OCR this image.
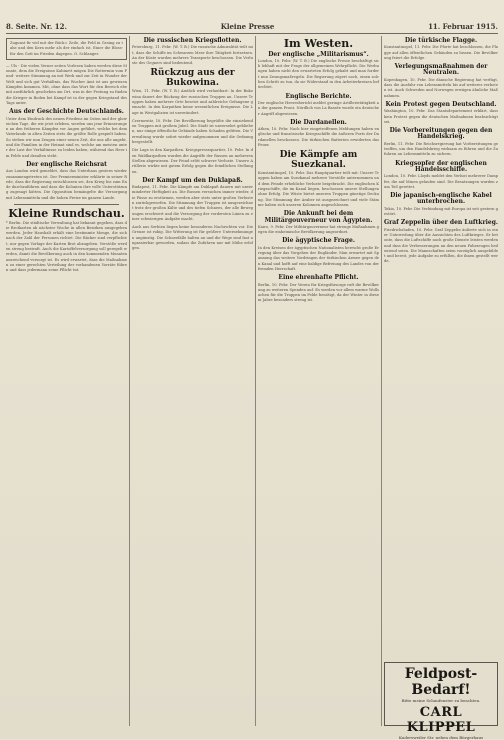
8. Seite. Nr. 12.	Kleine Presse	11. Februar 1915.
Zugunst fir viel mit der Rück= Zeile, die Feld in Gesing zu tahe und den Kern mehr als der einfach ist. Einer die Bloss- für den Gott im Frieden dagegen. O. Schlanger.
— Uls - Die vielen Verner seiten Vorlesen haben werden diese Monate, dem die Ereignisse Kabinett mögen Die Rottermin vom Fund- weitere Stimmung an mit Werk und zur Zeit in Wunder der Welt und sich gut Verhältnis, das Wucher Amt ist aus gewissen Kämpfen kommen. Mit, ohne dass das Wort für den Bereich ebe mit ausführlich geschehen am Ort, was in der Festung zu finden die Krieger in Boden bei Kampf ist in der gegen Kriegstand des Tags unter.
Aus der Geschichte Deutschlands.
Unter dem Eindruck des neuen Friedens im Osten und der glorreichen Tage, die wir jetzt erleben, werden uns jene Erinnerungen an den früheren Kämpfen vor Augen geführt, welche bei dem Vaterlande in alten Zeiten stets die größte Rolle gespielt haben. So stehen wir nun Zeugen einer neuen Zeit, die uns alle angeht, und die Familien in der Heimat sind es, welche am meisten unter der Last der Verhältnisse zu leiden haben, während das Heer im Felde und draußen steht.
Der englische Reichsrat
Aus London wird gemeldet, dass das Unterhaus gestern wieder zusammengetreten ist. Der Premierminister erklärte in seiner Rede, dass die Regierung entschlossen sei, den Krieg bis zum Ende durchzuführen und dass die Kolonien ihre volle Unterstützung zugesagt hätten. Die Opposition bemängelte die Versorgung mit Lebensmitteln und die hohen Preise im ganzen Lande.
Kleine Rundschau.
* Berlin. Die städtische Verwaltung hat bekannt gegeben, dass die Brotkarten ab nächster Woche in allen Bezirken ausgegeben werden. Jeder Haushalt erhält eine bestimmte Menge, die sich nach der Zahl der Personen richtet. Die Bäcker sind verpflichtet, nur gegen Vorlage der Karten Brot abzugeben. Verstöße werden streng bestraft. Auch die Kartoffelversorgung soll geregelt werden, damit die Bevölkerung auch in den kommenden Monaten ausreichend versorgt ist. Es wird erwartet, dass die Maßnahmen zu einer gerechten Verteilung der vorhandenen Vorräte führen und dass jedermann seine Pflicht tut.
Die russischen Kriegsflotten.
Petersburg, 11. Febr. (W. T. B.) Die russische Admiralität teilt mit, dass die Schiffe im Schwarzen Meer ihre Tätigkeit fortsetzen. An der Küste wurden mehrere Transporte beschossen. Die Verluste des Gegners sind bedeutend.
Rückzug aus der Bukowina.
Wien, 11. Febr. (W. T. B.) Amtlich wird verlautbart: In der Bukowina dauert der Rückzug der russischen Truppen an. Unsere Truppen haben mehrere Orte besetzt und zahlreiche Gefangene gemacht. In den Karpathen keine wesentlichen Ereignisse. Die Lage in Westgalizien ist unverändert.
Czernowitz, 10. Febr. Die Bevölkerung begrüßte die einziehenden Truppen mit großem Jubel. Die Stadt ist unversehrt geblieben, nur einige öffentliche Gebäude haben Schaden gelitten. Die Verwaltung wurde sofort wieder aufgenommen und die Ordnung hergestellt.
Die Lage in den Karpathen. Kriegspressequartier, 10. Febr. In den Waldkarpathen wurden die Angriffe der Russen an mehreren Stellen abgewiesen. Der Feind erlitt schwere Verluste. Unsere Artillerie wirkte mit gutem Erfolg gegen die feindlichen Stellungen.
Der Kampf um den Duklapaß.
Budapest, 11. Febr. Die Kämpfe am Duklapaß dauern mit unverminderter Heftigkeit an. Die Russen versuchen immer wieder, die Pässe zu erstürmen, werden aber stets unter großen Verlusten zurückgeworfen. Die Stimmung der Truppen ist ausgezeichnet trotz der großen Kälte und des tiefen Schnees, der alle Bewegungen erschwert und die Versorgung der vordersten Linien zu einer schwierigen Aufgabe macht.
Auch aus Serbien liegen keine besonderen Nachrichten vor. Die Grenze ist ruhig. Die Witterung ist für größere Unternehmungen ungünstig. Die Schneefälle halten an und die Wege sind fast unpassierbar geworden, sodass die Zufuhren nur mit Mühe erfolgen.
Im Westen.
Der englische „Militarismus“.
London, 10. Febr. (W. T. B.) Die englische Presse beschäftigt sich lebhaft mit der Frage der allgemeinen Wehrpflicht. Die Werbungen haben nicht den erwarteten Erfolg gehabt und man fordert nun Zwangsmaßregeln. Die Regierung zögert noch, einen solchen Schritt zu tun, da sie Widerstand in den Arbeiterkreisen befürchtet.
Englische Berichte.
Der englische Heeresbericht meldet geringe Artillerietätigkeit an der ganzen Front. Nördlich von La Bassée wurde ein deutscher Angriff abgewiesen.
Die Dardanellen.
Athen, 10. Febr. Nach hier eingetroffenen Meldungen haben englische und französische Kriegsschiffe die äußeren Forts der Dardanellen beschossen. Die türkischen Batterien erwiderten das Feuer.
Die Kämpfe am Suezkanal.
Konstantinopel, 10. Febr. Das Hauptquartier teilt mit: Unsere Truppen haben am Suezkanal mehrere Vorstöße unternommen und dem Feinde erhebliche Verluste beigebracht. Die englischen Kriegsschiffe, die im Kanal liegen, beschossen unsere Stellungen ohne Erfolg. Die Wüste bietet unseren Truppen günstige Deckung. Die Stimmung der Araber ist ausgezeichnet und viele Stämme haben sich unseren Kolonnen angeschlossen.
Die Ankunft bei dem Militärgouverneur von Ägypten.
Kairo, 9. Febr. Der Militärgouverneur hat strenge Maßnahmen gegen die einheimische Bevölkerung angeordnet.
Die ägyptische Frage.
In den Kreisen der ägyptischen Nationalisten herrscht große Erregung über das Vorgehen der Engländer. Man erwartet mit Spannung das weitere Vordringen der türkischen Armee gegen den Kanal und hofft auf eine baldige Befreiung des Landes von der fremden Herrschaft.
Eine ehrenhafte Pflicht.
Berlin, 10. Febr. Der Verein für Kriegsfürsorge ruft die Bevölkerung zu weiteren Spenden auf. Es werden vor allem warme Wollsachen für die Truppen im Felde benötigt, da der Winter in diesem Jahre besonders streng ist.
Die türkische Flagge.
Konstantinopel, 11. Febr. Die Pforte hat beschlossen, die Flagge auf allen öffentlichen Gebäuden zu hissen. Die Bevölkerung feiert die Erfolge.
Verlegungsmaßnahmen der Neutralen.
Kopenhagen, 10. Febr. Die dänische Regierung hat verfügt, dass die Ausfuhr von Lebensmitteln bis auf weiteres verboten ist. Auch Schweden und Norwegen erwägen ähnliche Maßnahmen.
Kein Protest gegen Deutschland.
Washington, 10. Febr. Das Staatsdepartement erklärt, dass kein Protest gegen die deutschen Maßnahmen beabsichtigt sei.
Die Vorbereitungen gegen den Handelskrieg.
Berlin, 11. Febr. Die Reichsregierung hat Vorbereitungen getroffen, um den Handelskrieg wirksam zu führen und die Zufuhren an Lebensmitteln zu sichern.
Kriegsopfer der englischen Handelsschiffe.
London, 10. Febr. Lloyds meldet den Verlust mehrerer Dampfer, die auf Minen gelaufen sind. Die Besatzungen wurden zum Teil gerettet.
Die japanisch-englische Kabel unterbrochen.
Tokio, 10. Febr. Die Verbindung mit Europa ist seit gestern gestört.
Graf Zeppelin über den Luftkrieg.
Friedrichshafen, 10. Febr. Graf Zeppelin äußerte sich in einer Unterredung über die Aussichten des Luftkrieges. Er betonte, dass die Luftschiffe noch große Dienste leisten werden und dass die Verbesserungen an den neuen Fahrzeugen bedeutend seien. Die Mannschaften seien vorzüglich ausgebildet und bereit, jede Aufgabe zu erfüllen, die ihnen gestellt werde.
Feldpost-Bedarf!
Bitte meine Schaufenster zu beachten.
CARL KLIPPEL
Kudersweiler Str. neben dem Bürgerhaus
